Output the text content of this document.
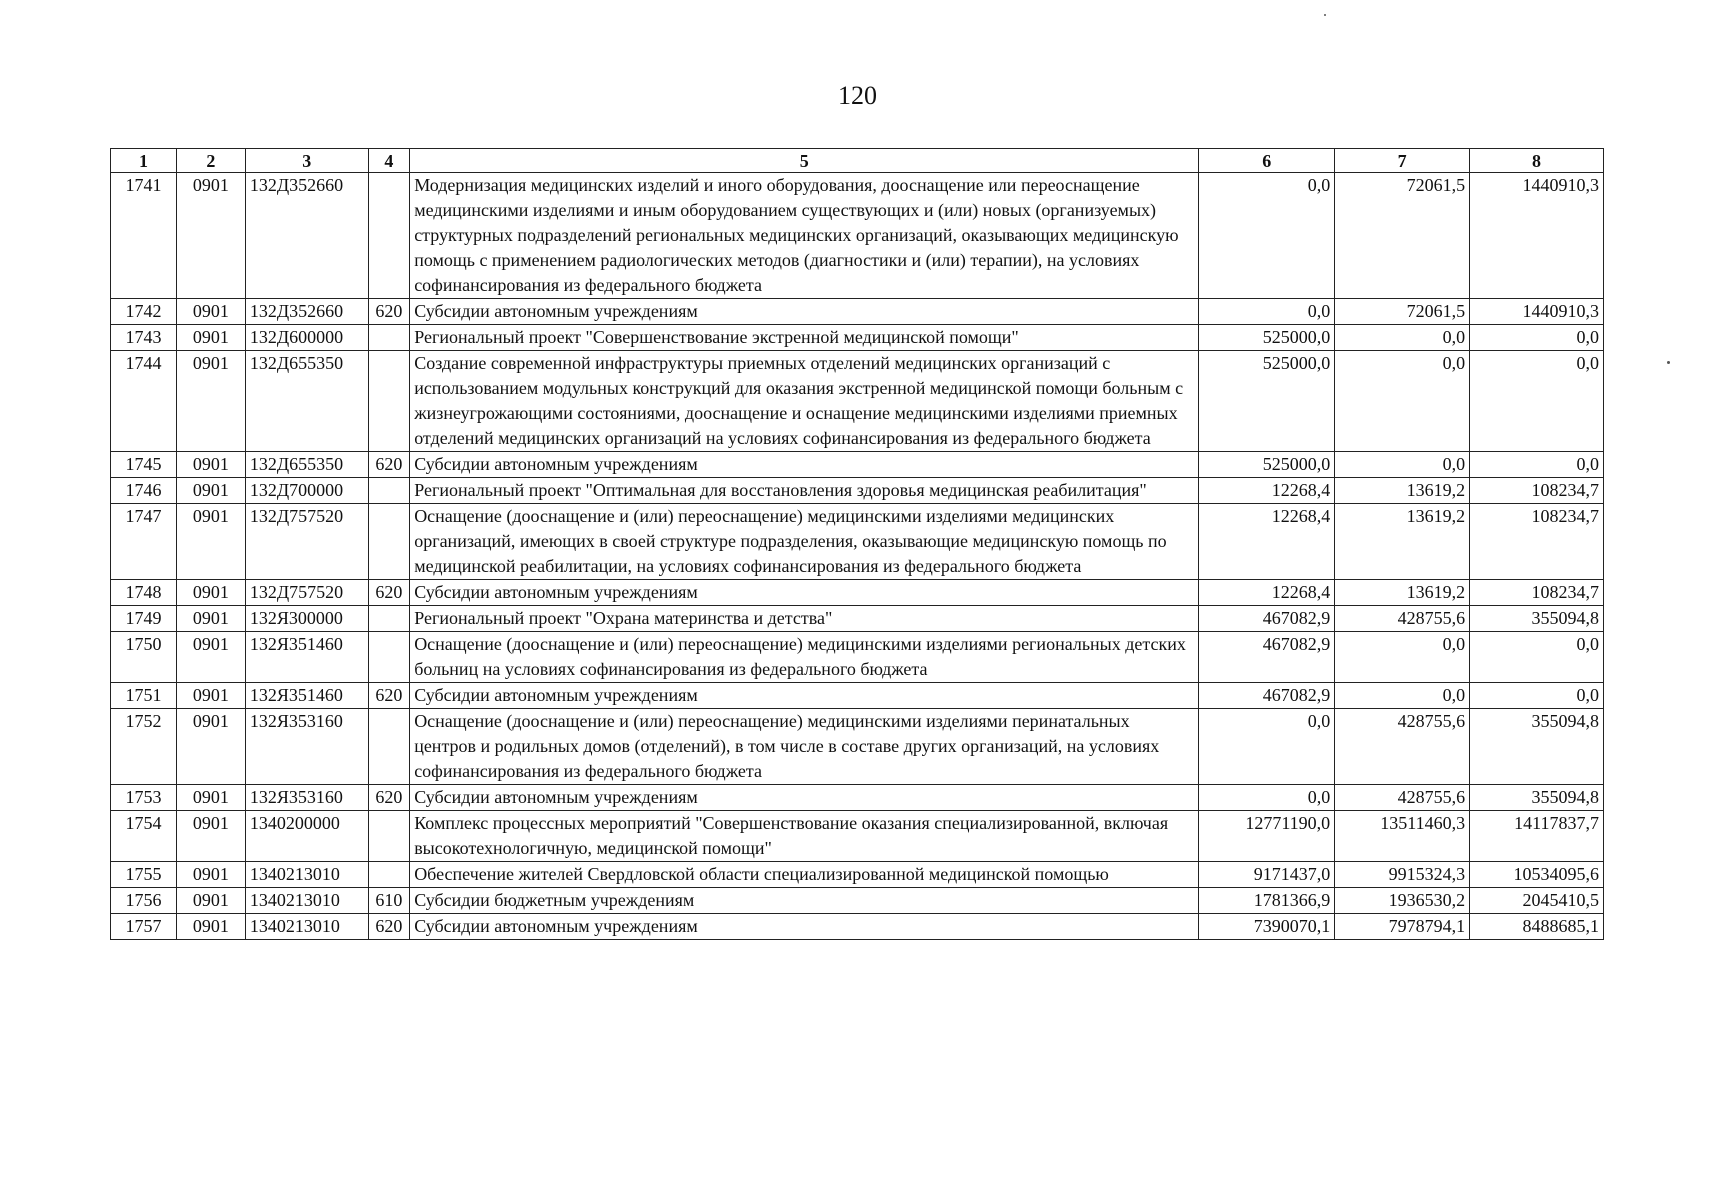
120
1	2	3	4	5	6	7	8
1741	0901	132Д352660		Модернизация медицинских изделий и иного оборудования, дооснащение или переоснащение медицинскими изделиями и иным оборудованием существующих и (или) новых (организуемых) структурных подразделений региональных медицинских организаций, оказывающих медицинскую помощь с применением радиологических методов (диагностики и (или) терапии), на условиях софинансирования из федерального бюджета	0,0	72061,5	1440910,3
1742	0901	132Д352660	620	Субсидии автономным учреждениям	0,0	72061,5	1440910,3
1743	0901	132Д600000		Региональный проект "Совершенствование экстренной медицинской помощи"	525000,0	0,0	0,0
1744	0901	132Д655350		Создание современной инфраструктуры приемных отделений медицинских организаций с использованием модульных конструкций для оказания экстренной медицинской помощи больным с жизнеугрожающими состояниями, дооснащение и оснащение медицинскими изделиями приемных отделений медицинских организаций на условиях софинансирования из федерального бюджета	525000,0	0,0	0,0
1745	0901	132Д655350	620	Субсидии автономным учреждениям	525000,0	0,0	0,0
1746	0901	132Д700000		Региональный проект "Оптимальная для восстановления здоровья медицинская реабилитация"	12268,4	13619,2	108234,7
1747	0901	132Д757520		Оснащение (дооснащение и (или) переоснащение) медицинскими изделиями медицинских организаций, имеющих в своей структуре подразделения, оказывающие медицинскую помощь по медицинской реабилитации, на условиях софинансирования из федерального бюджета	12268,4	13619,2	108234,7
1748	0901	132Д757520	620	Субсидии автономным учреждениям	12268,4	13619,2	108234,7
1749	0901	132Я300000		Региональный проект "Охрана материнства и детства"	467082,9	428755,6	355094,8
1750	0901	132Я351460		Оснащение (дооснащение и (или) переоснащение) медицинскими изделиями региональных детских больниц на условиях софинансирования из федерального бюджета	467082,9	0,0	0,0
1751	0901	132Я351460	620	Субсидии автономным учреждениям	467082,9	0,0	0,0
1752	0901	132Я353160		Оснащение (дооснащение и (или) переоснащение) медицинскими изделиями перинатальных центров и родильных домов (отделений), в том числе в составе других организаций, на условиях софинансирования из федерального бюджета	0,0	428755,6	355094,8
1753	0901	132Я353160	620	Субсидии автономным учреждениям	0,0	428755,6	355094,8
1754	0901	1340200000		Комплекс процессных мероприятий "Совершенствование оказания специализированной, включая высокотехнологичную, медицинской помощи"	12771190,0	13511460,3	14117837,7
1755	0901	1340213010		Обеспечение жителей Свердловской области специализированной медицинской помощью	9171437,0	9915324,3	10534095,6
1756	0901	1340213010	610	Субсидии бюджетным учреждениям	1781366,9	1936530,2	2045410,5
1757	0901	1340213010	620	Субсидии автономным учреждениям	7390070,1	7978794,1	8488685,1
